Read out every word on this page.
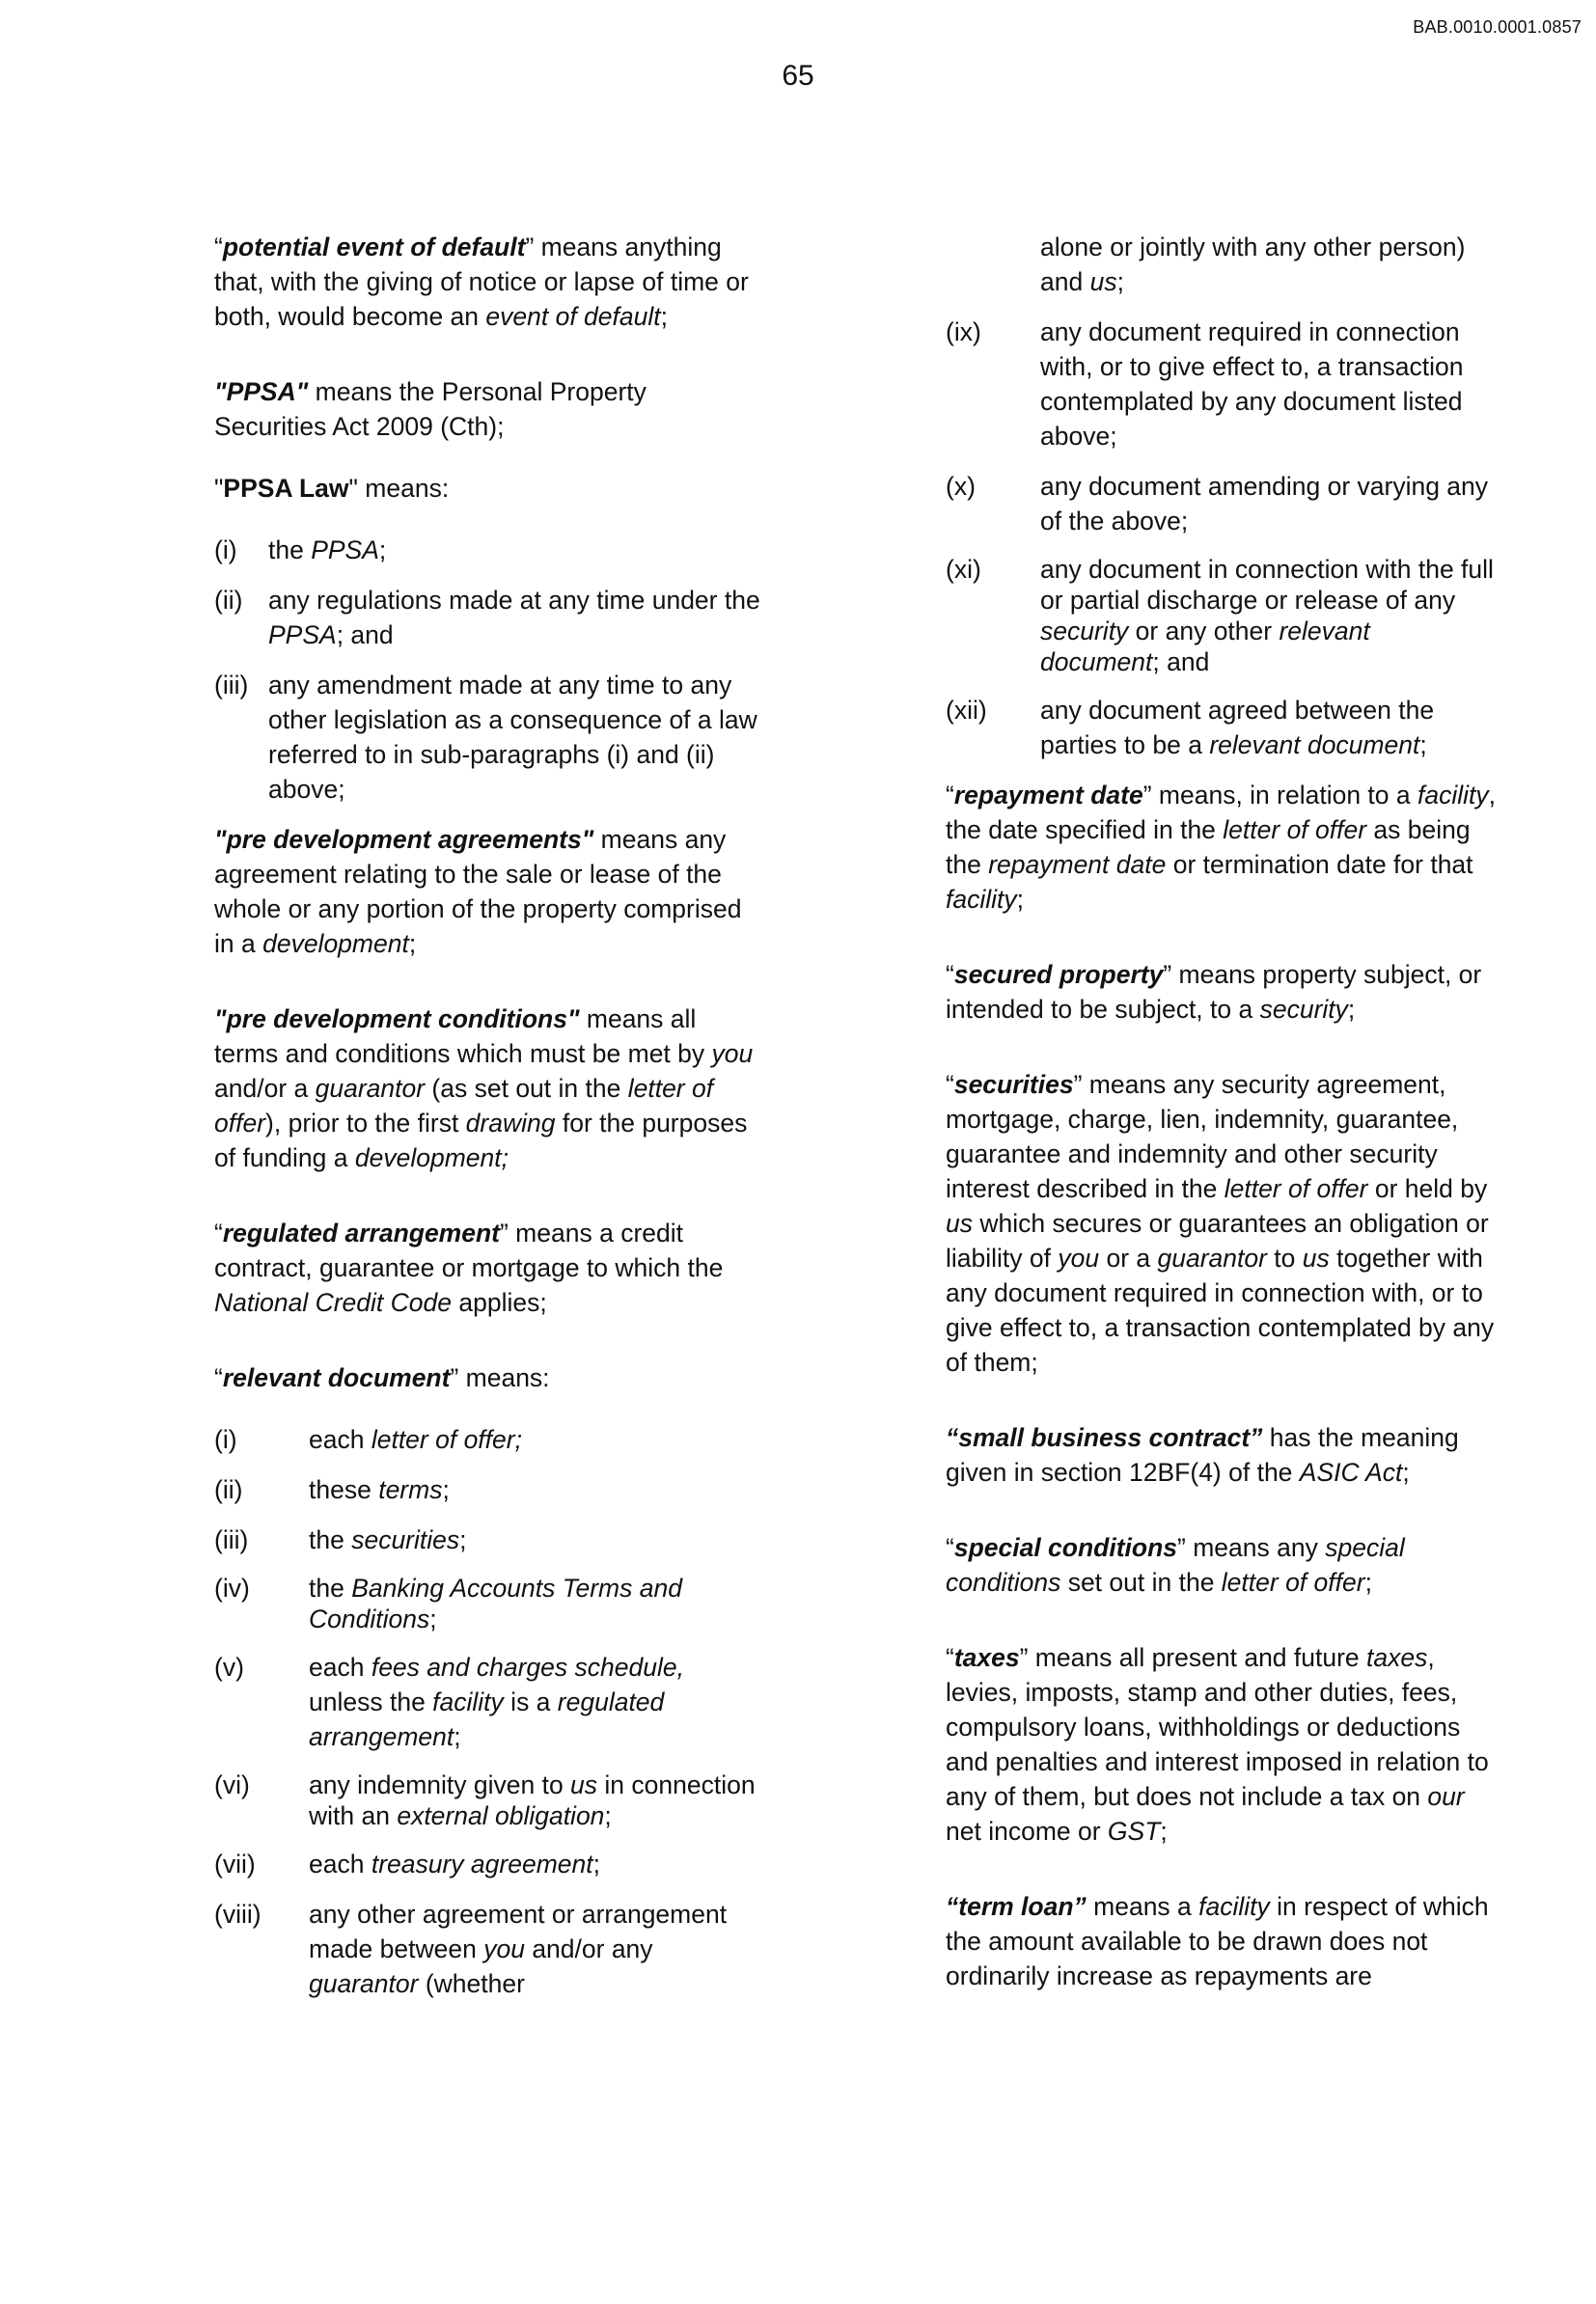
BAB.0010.0001.0857
65

“potential event of default” means anything that, with the giving of notice or lapse of time or both, would become an event of default;

"PPSA" means the Personal Property Securities Act 2009 (Cth);

"PPSA Law" means:

(i)	the PPSA;
(ii)	any regulations made at any time under the PPSA; and
(iii) any amendment made at any time to any other legislation as a consequence of a law referred to in sub-paragraphs (i) and (ii) above;

"pre development agreements" means any agreement relating to the sale or lease of the whole or any portion of the property comprised in a development;

"pre development conditions" means all terms and conditions which must be met by you and/or a guarantor (as set out in the letter of offer), prior to the first drawing for the purposes of funding a development;

“regulated arrangement” means a credit contract, guarantee or mortgage to which the National Credit Code applies;

“relevant document” means:

(i)	each letter of offer;
(ii)	these terms;
(iii)	the securities;
(iv)	the Banking Accounts Terms and Conditions;
(v)	each fees and charges schedule, unless the facility is a regulated arrangement;
(vi)	any indemnity given to us in connection with an external obligation;
(vii)	each treasury agreement;
(viii)	any other agreement or arrangement made between you and/or any guarantor (whether
alone or jointly with any other person) and us;
(ix)	any document required in connection with, or to give effect to, a transaction contemplated by any document listed above;
(x)	any document amending or varying any of the above;
(xi)	any document in connection with the full or partial discharge or release of any security or any other relevant document; and
(xii)	any document agreed between the parties to be a relevant document;

“repayment date” means, in relation to a facility, the date specified in the letter of offer as being the repayment date or termination date for that facility;

“secured property” means property subject, or intended to be subject, to a security;

“securities” means any security agreement, mortgage, charge, lien, indemnity, guarantee, guarantee and indemnity and other security interest described in the letter of offer or held by us which secures or guarantees an obligation or liability of you or a guarantor to us together with any document required in connection with, or to give effect to, a transaction contemplated by any of them;

“small business contract” has the meaning given in section 12BF(4) of the ASIC Act;

“special conditions” means any special conditions set out in the letter of offer;

“taxes” means all present and future taxes, levies, imposts, stamp and other duties, fees, compulsory loans, withholdings or deductions and penalties and interest imposed in relation to any of them, but does not include a tax on our net income or GST;

“term loan” means a facility in respect of which the amount available to be drawn does not ordinarily increase as repayments are
